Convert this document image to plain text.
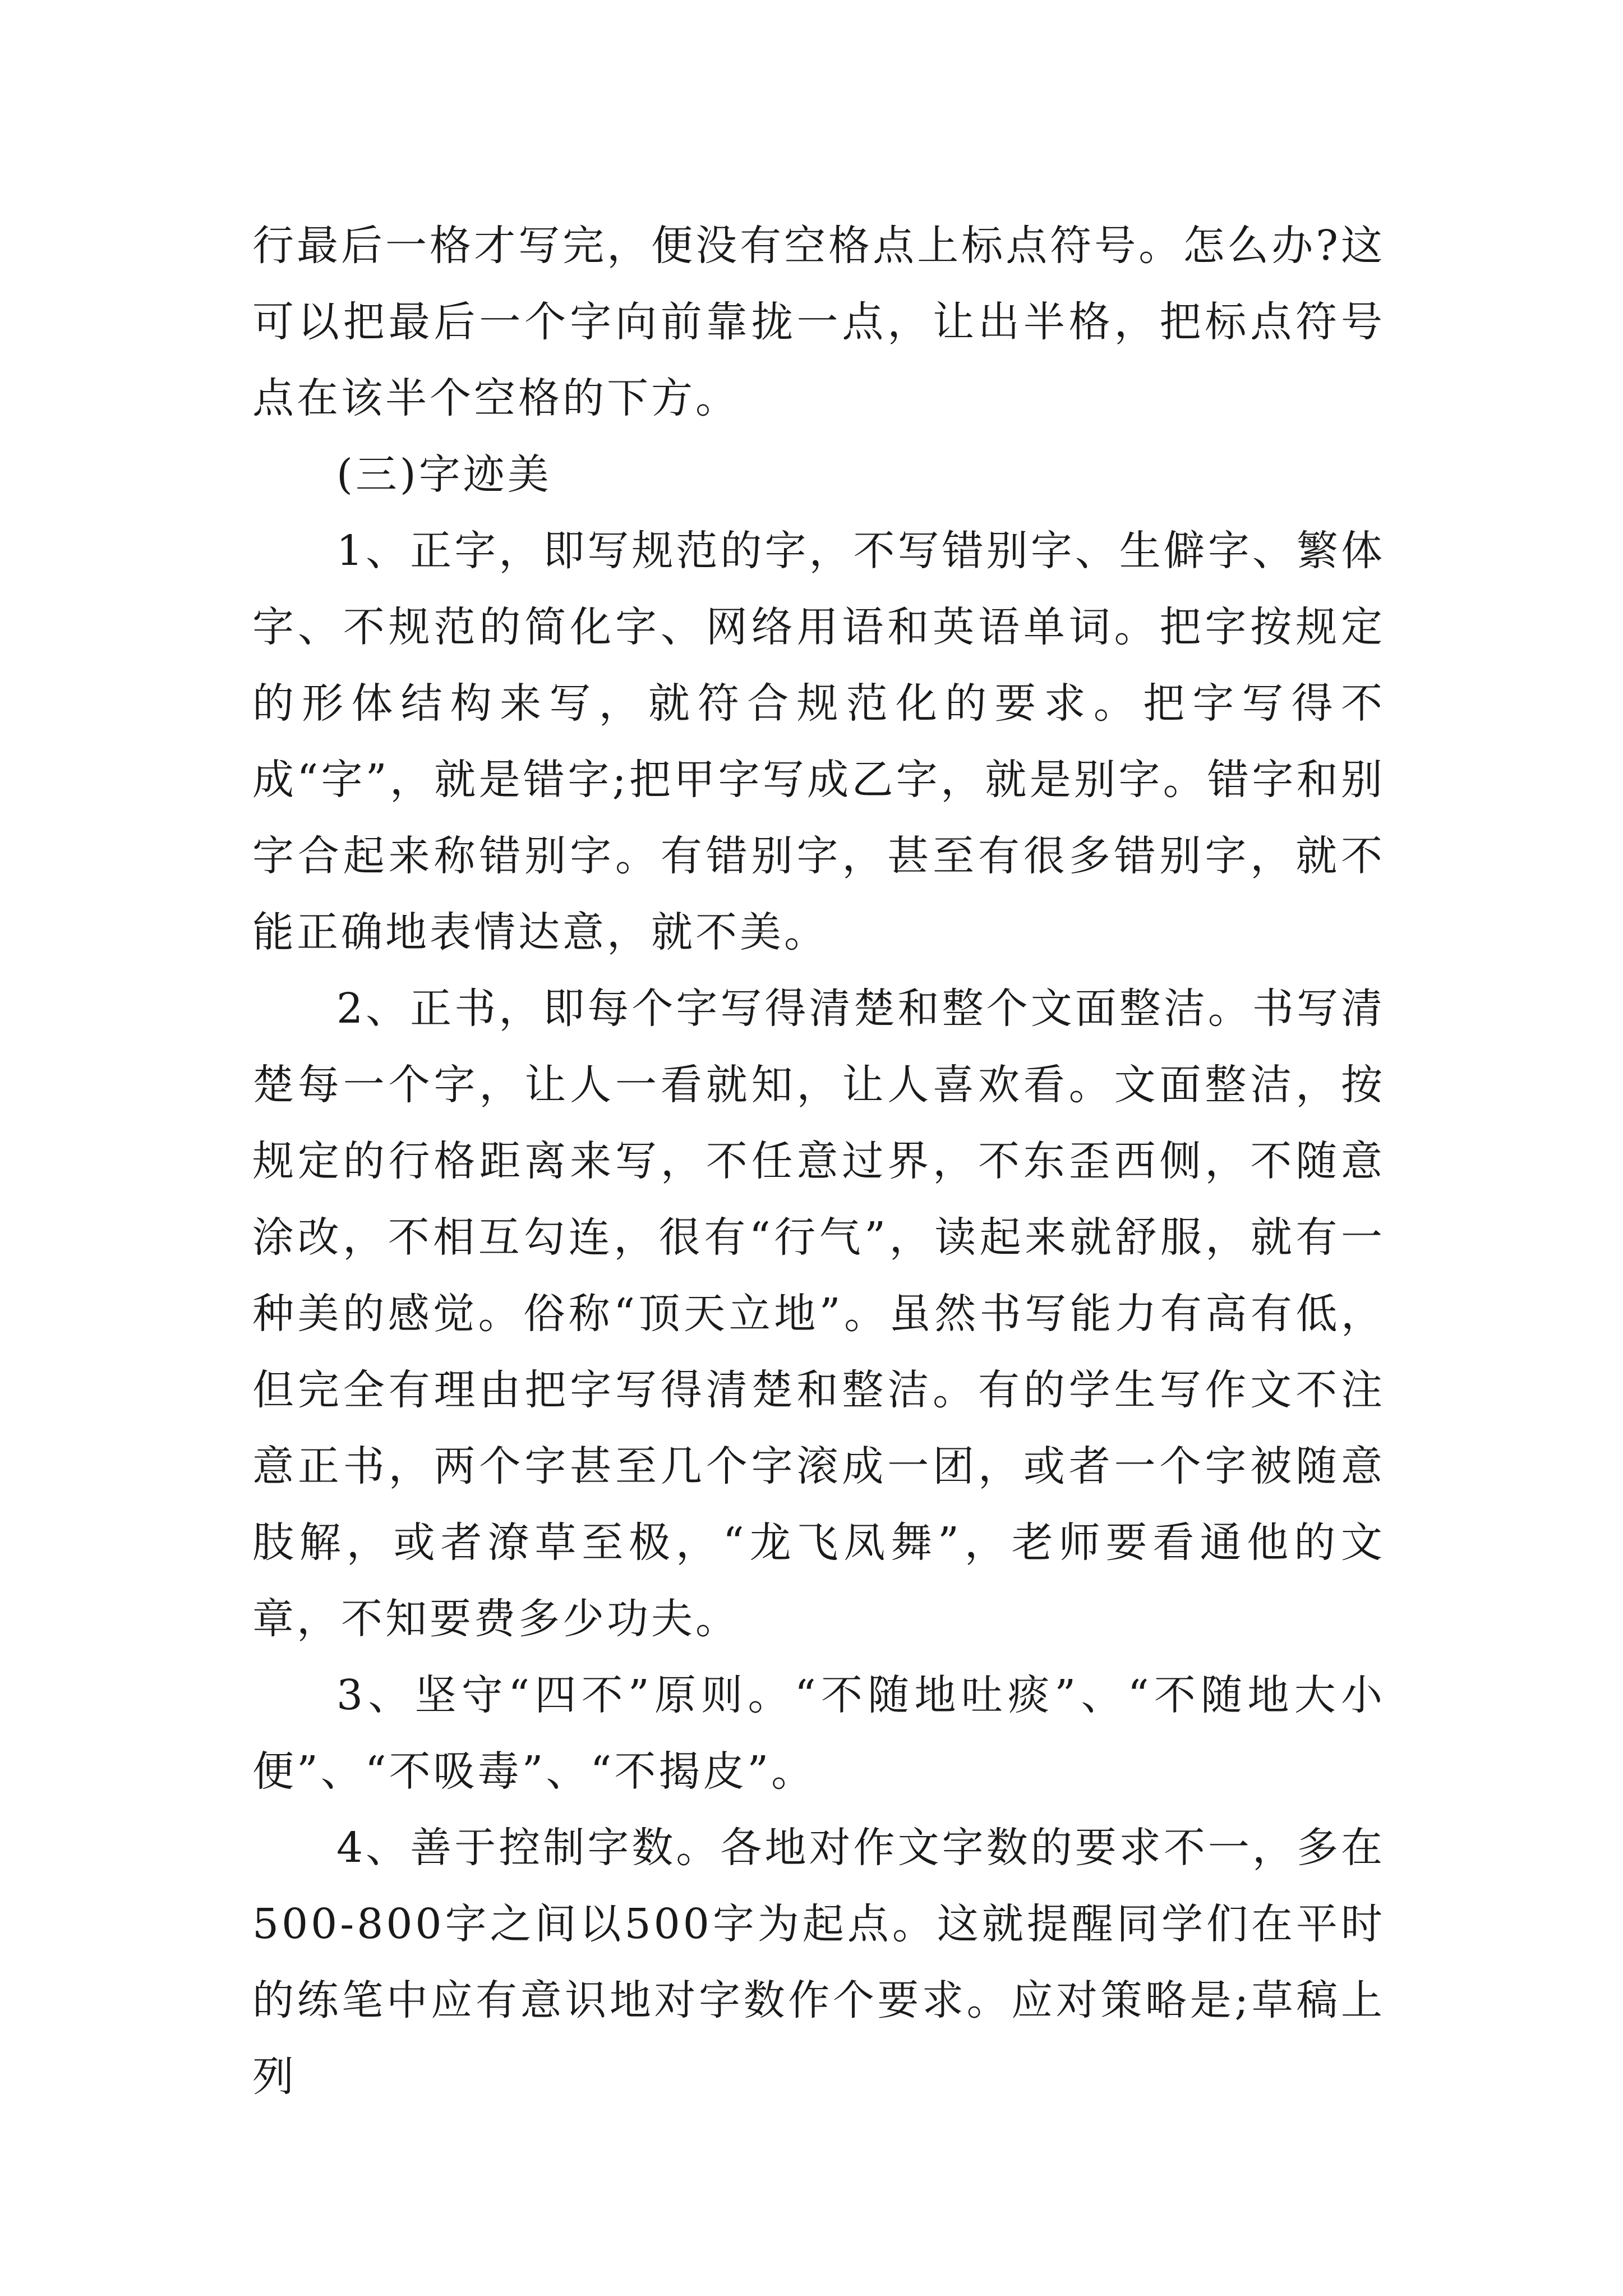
行最后一格才写完，便没有空格点上标点符号。怎么办?这可以把最后一个字向前靠拢一点，让出半格，把标点符号点在该半个空格的下方。

(三)字迹美

1、正字，即写规范的字，不写错别字、生僻字、繁体字、不规范的简化字、网络用语和英语单词。把字按规定的形体结构来写，就符合规范化的要求。把字写得不成“字”，就是错字;把甲字写成乙字，就是别字。错字和别字合起来称错别字。有错别字，甚至有很多错别字，就不能正确地表情达意，就不美。

2、正书，即每个字写得清楚和整个文面整洁。书写清楚每一个字，让人一看就知，让人喜欢看。文面整洁，按规定的行格距离来写，不任意过界，不东歪西侧，不随意涂改，不相互勾连，很有“行气”，读起来就舒服，就有一种美的感觉。俗称“顶天立地”。虽然书写能力有高有低，但完全有理由把字写得清楚和整洁。有的学生写作文不注意正书，两个字甚至几个字滚成一团，或者一个字被随意肢解，或者潦草至极，“龙飞凤舞”，老师要看通他的文章，不知要费多少功夫。

3、坚守“四不”原则。“不随地吐痰”、“不随地大小便”、“不吸毒”、“不揭皮”。

4、善于控制字数。各地对作文字数的要求不一，多在500-800字之间以500字为起点。这就提醒同学们在平时的练笔中应有意识地对字数作个要求。应对策略是;草稿上列
